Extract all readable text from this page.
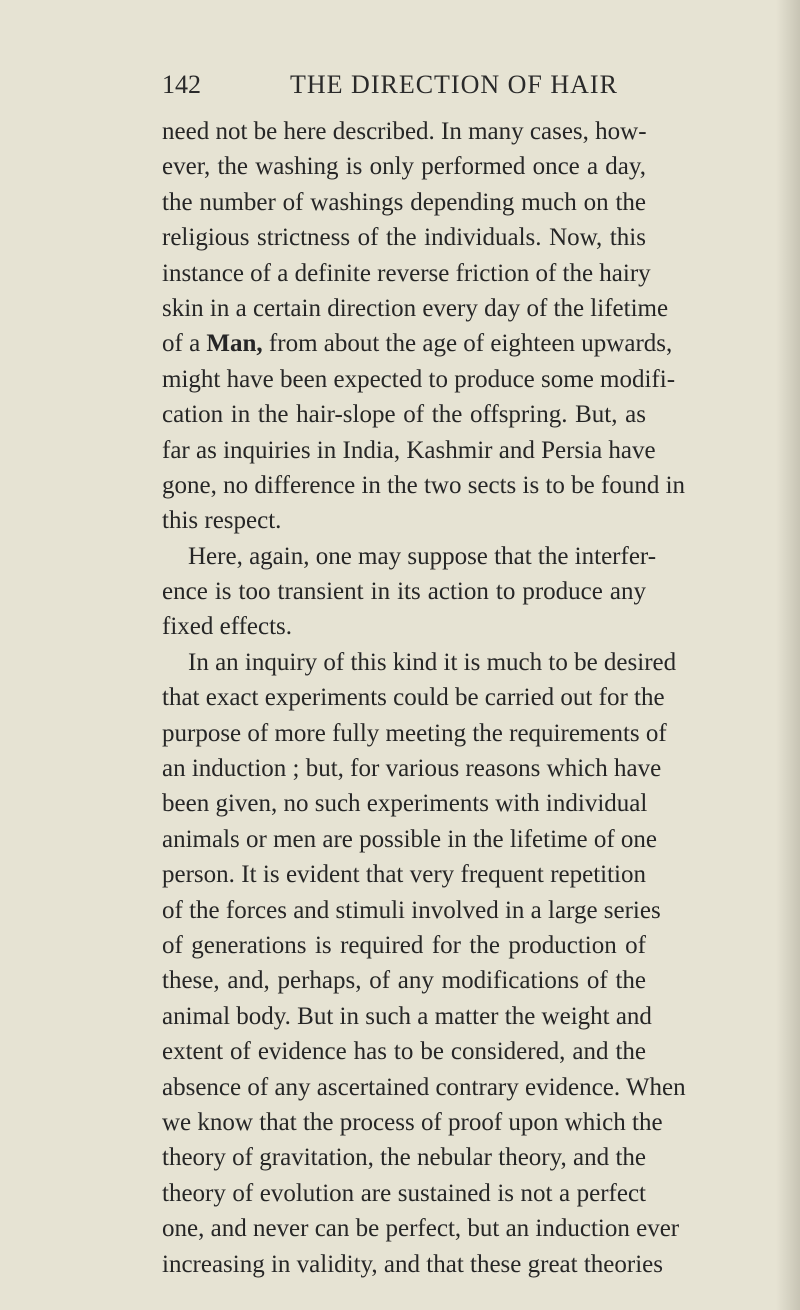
142	THE DIRECTION OF HAIR
need not be here described. In many cases, how-
ever, the washing is only performed once a day,
the number of washings depending much on the
religious strictness of the individuals. Now, this
instance of a definite reverse friction of the hairy
skin in a certain direction every day of the lifetime
of a Man, from about the age of eighteen upwards,
might have been expected to produce some modifi-
cation in the hair-slope of the offspring. But, as
far as inquiries in India, Kashmir and Persia have
gone, no difference in the two sects is to be found in
this respect.
Here, again, one may suppose that the interfer-
ence is too transient in its action to produce any
fixed effects.
In an inquiry of this kind it is much to be desired
that exact experiments could be carried out for the
purpose of more fully meeting the requirements of
an induction ; but, for various reasons which have
been given, no such experiments with individual
animals or men are possible in the lifetime of one
person. It is evident that very frequent repetition
of the forces and stimuli involved in a large series
of generations is required for the production of
these, and, perhaps, of any modifications of the
animal body. But in such a matter the weight and
extent of evidence has to be considered, and the
absence of any ascertained contrary evidence. When
we know that the process of proof upon which the
theory of gravitation, the nebular theory, and the
theory of evolution are sustained is not a perfect
one, and never can be perfect, but an induction ever
increasing in validity, and that these great theories
